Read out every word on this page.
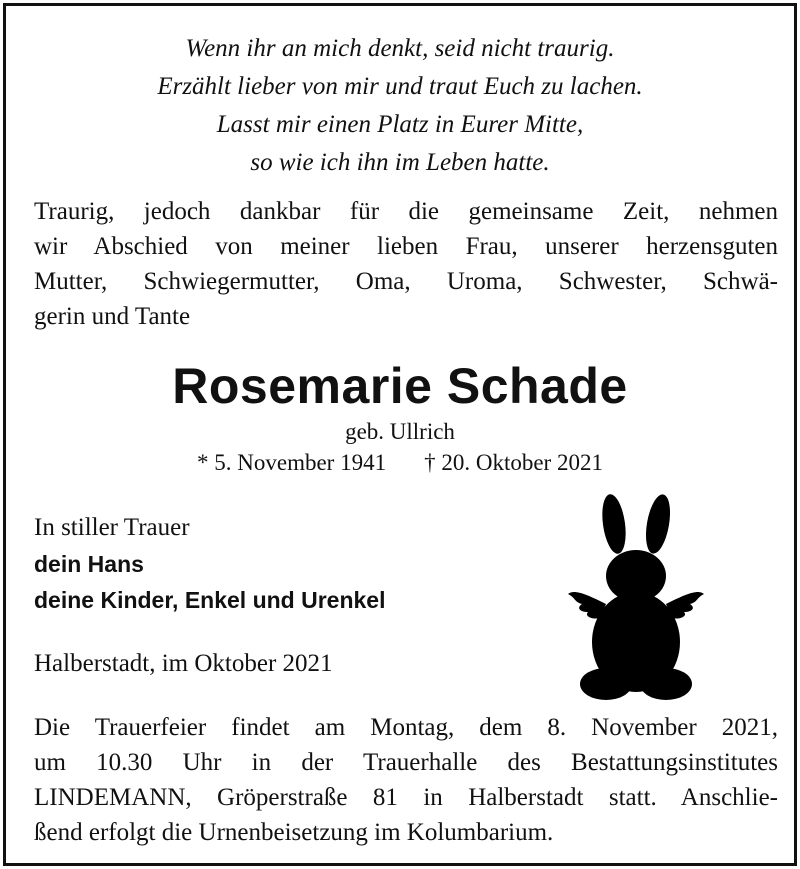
Wenn ihr an mich denkt, seid nicht traurig.
Erzählt lieber von mir und traut Euch zu lachen.
Lasst mir einen Platz in Eurer Mitte,
so wie ich ihn im Leben hatte.
Traurig, jedoch dankbar für die gemeinsame Zeit, nehmen
wir Abschied von meiner lieben Frau, unserer herzensguten
Mutter, Schwiegermutter, Oma, Uroma, Schwester, Schwä-
gerin und Tante
Rosemarie Schade
geb. Ullrich
* 5. November 1941 † 20. Oktober 2021
In stiller Trauer
dein Hans
deine Kinder, Enkel und Urenkel
Halberstadt, im Oktober 2021
Die Trauerfeier findet am Montag, dem 8. November 2021,
um 10.30 Uhr in der Trauerhalle des Bestattungsinstitutes
LINDEMANN, Gröperstraße 81 in Halberstadt statt. Anschlie-
ßend erfolgt die Urnenbeisetzung im Kolumbarium.
